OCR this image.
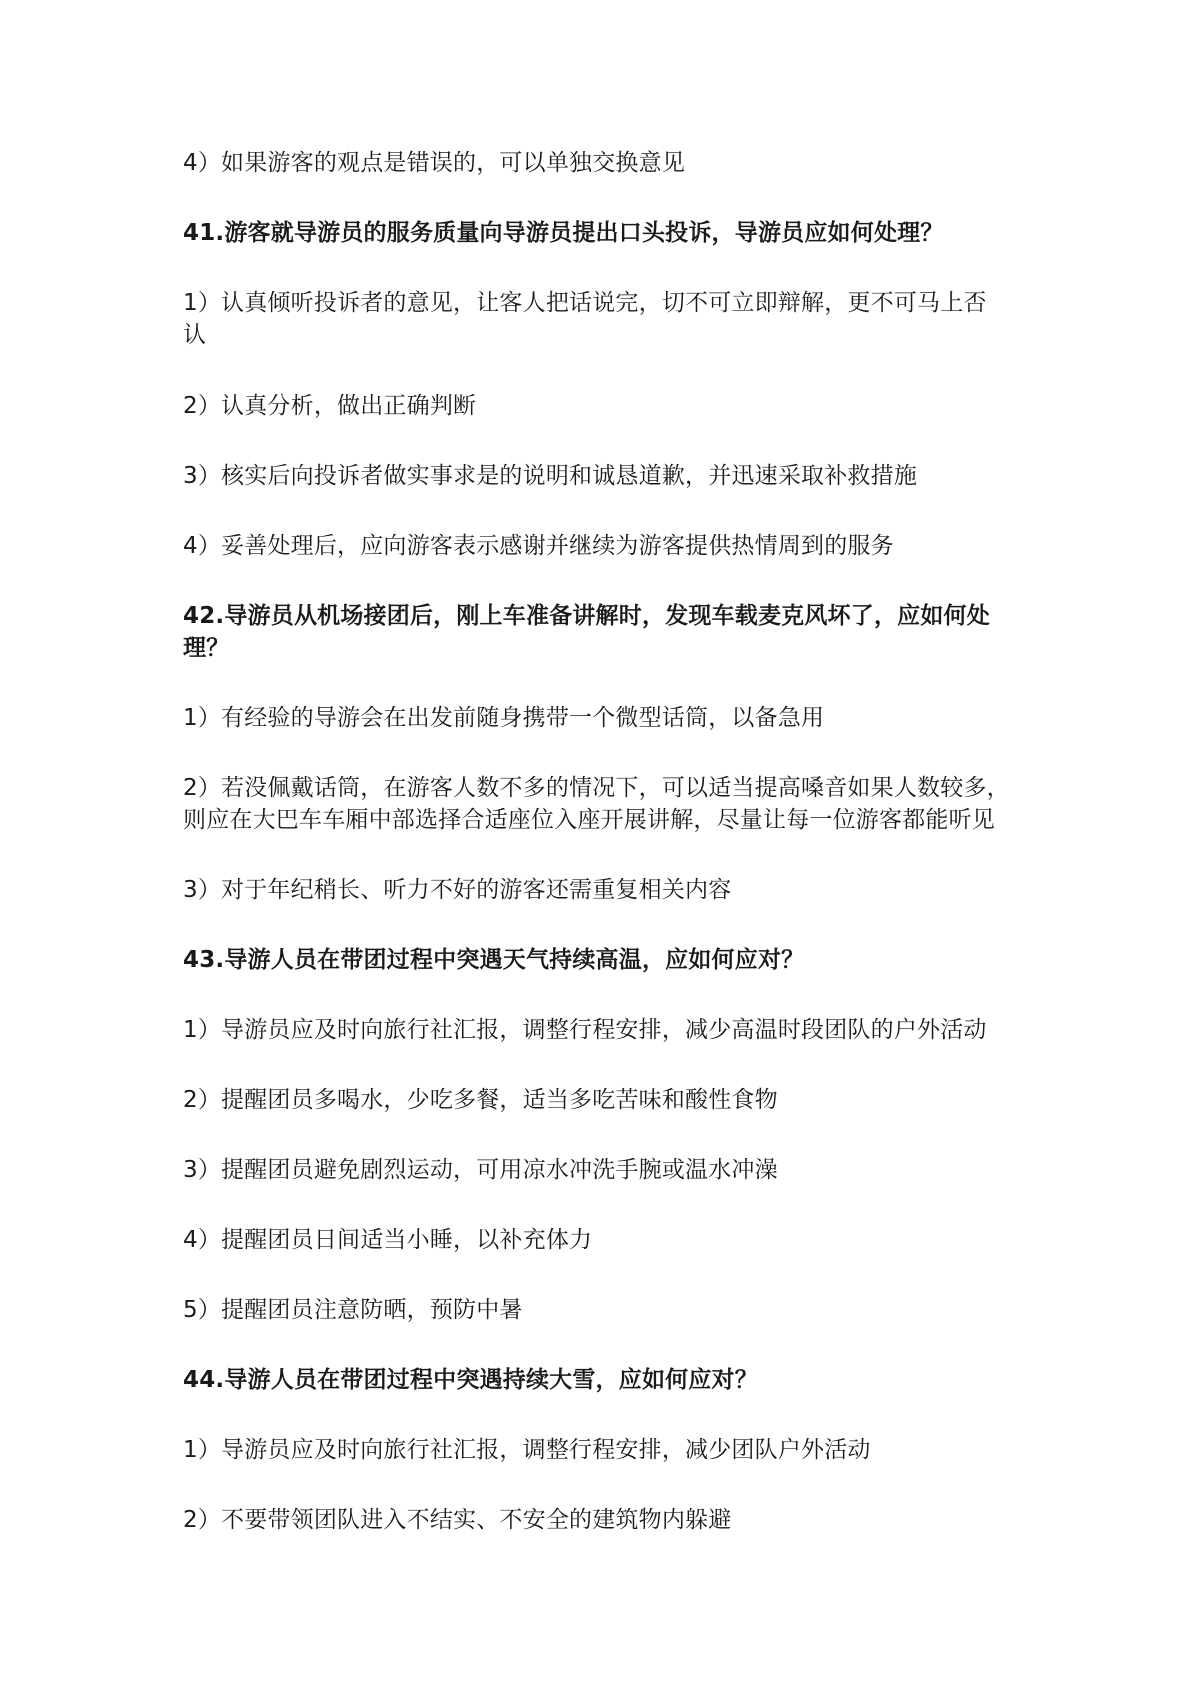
4）如果游客的观点是错误的，可以单独交换意见
41.游客就导游员的服务质量向导游员提出口头投诉，导游员应如何处理？
1）认真倾听投诉者的意见，让客人把话说完，切不可立即辩解，更不可马上否
认
2）认真分析，做出正确判断
3）核实后向投诉者做实事求是的说明和诚恳道歉，并迅速采取补救措施
4）妥善处理后，应向游客表示感谢并继续为游客提供热情周到的服务
42.导游员从机场接团后，刚上车准备讲解时，发现车载麦克风坏了，应如何处
理？
1）有经验的导游会在出发前随身携带一个微型话筒，以备急用
2）若没佩戴话筒，在游客人数不多的情况下，可以适当提高嗓音如果人数较多，
则应在大巴车车厢中部选择合适座位入座开展讲解，尽量让每一位游客都能听见
3）对于年纪稍长、听力不好的游客还需重复相关内容
43.导游人员在带团过程中突遇天气持续高温，应如何应对？
1）导游员应及时向旅行社汇报，调整行程安排，减少高温时段团队的户外活动
2）提醒团员多喝水，少吃多餐，适当多吃苦味和酸性食物
3）提醒团员避免剧烈运动，可用凉水冲洗手腕或温水冲澡
4）提醒团员日间适当小睡，以补充体力
5）提醒团员注意防晒，预防中暑
44.导游人员在带团过程中突遇持续大雪，应如何应对？
1）导游员应及时向旅行社汇报，调整行程安排，减少团队户外活动
2）不要带领团队进入不结实、不安全的建筑物内躲避
